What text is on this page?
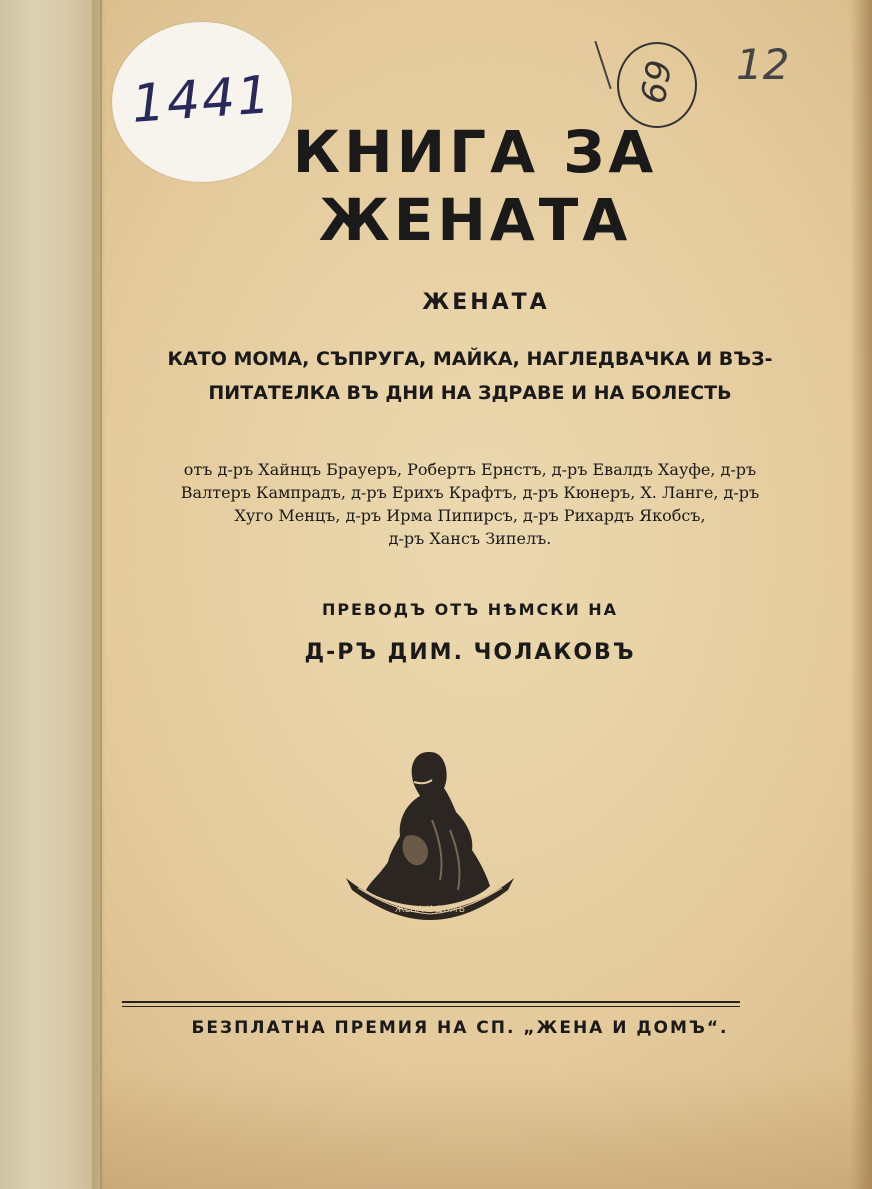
КНИГА ЗА ЖЕНАТА
1441	69 12
ЖЕНАТА
КАТО МОМА, СЪПРУГА, МАЙКА, НАГЛЕДВАЧКА И ВЪЗ-
ПИТАТЕЛКА ВЪ ДНИ НА ЗДРАВЕ И НА БОЛЕСТЬ
отъ д-ръ Хайнцъ Брауеръ, Робертъ Ернстъ, д-ръ Евалдъ Хауфе, д-ръ
Валтеръ Кампрадъ, д-ръ Ерихъ Крафтъ, д-ръ Кюнеръ, Х. Ланге, д-ръ
Хуго Менцъ, д-ръ Ирма Пипирсъ, д-ръ Рихардъ Якобсъ,
д-ръ Хансъ Зипелъ.
ПРЕВОДЪ ОТЪ НѢМСКИ НА
Д-РЪ ДИМ. ЧОЛАКОВЪ
ЖЕНА И ДОМЪ
БЕЗПЛАТНА ПРЕМИЯ НА СП. „ЖЕНА И ДОМЪ“.
